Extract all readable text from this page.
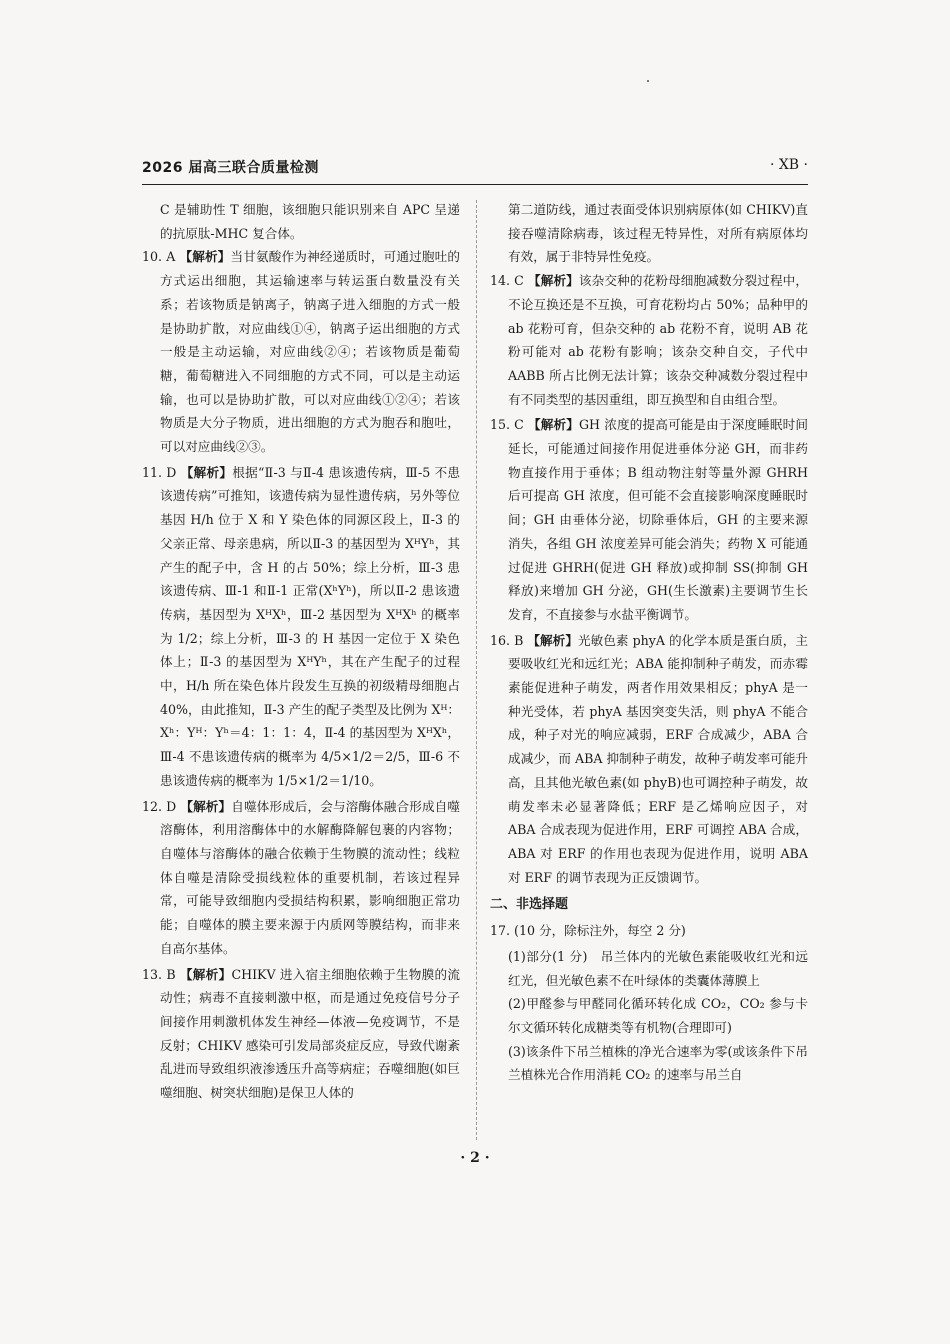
2026 届高三联合质量检测	· XB ·

C 是辅助性 T 细胞，该细胞只能识别来自 APC 呈递的抗原肽-MHC 复合体。

10. A 【解析】当甘氨酸作为神经递质时，可通过胞吐的方式运出细胞，其运输速率与转运蛋白数量没有关系；若该物质是钠离子，钠离子进入细胞的方式一般是协助扩散，对应曲线①④，钠离子运出细胞的方式一般是主动运输，对应曲线②④；若该物质是葡萄糖，葡萄糖进入不同细胞的方式不同，可以是主动运输，也可以是协助扩散，可以对应曲线①②④；若该物质是大分子物质，进出细胞的方式为胞吞和胞吐，可以对应曲线②③。

11. D 【解析】根据“Ⅱ-3 与Ⅱ-4 患该遗传病，Ⅲ-5 不患该遗传病”可推知，该遗传病为显性遗传病，另外等位基因 H/h 位于 X 和 Y 染色体的同源区段上，Ⅱ-3 的父亲正常、母亲患病，所以Ⅱ-3 的基因型为 XᴴYʰ，其产生的配子中，含 H 的占 50%；综上分析，Ⅲ-3 患该遗传病、Ⅲ-1 和Ⅱ-1 正常(XʰYʰ)，所以Ⅱ-2 患该遗传病，基因型为 XᴴXʰ，Ⅲ-2 基因型为 XᴴXʰ 的概率为 1/2；综上分析，Ⅲ-3 的 H 基因一定位于 X 染色体上；Ⅱ-3 的基因型为 XᴴYʰ，其在产生配子的过程中，H/h 所在染色体片段发生互换的初级精母细胞占 40%，由此推知，Ⅱ-3 产生的配子类型及比例为 Xᴴ：Xʰ：Yᴴ：Yʰ＝4：1：1：4，Ⅱ-4 的基因型为 XᴴXʰ，Ⅲ-4 不患该遗传病的概率为 4/5×1/2＝2/5，Ⅲ-6 不患该遗传病的概率为 1/5×1/2＝1/10。

12. D 【解析】自噬体形成后，会与溶酶体融合形成自噬溶酶体，利用溶酶体中的水解酶降解包裹的内容物；自噬体与溶酶体的融合依赖于生物膜的流动性；线粒体自噬是清除受损线粒体的重要机制，若该过程异常，可能导致细胞内受损结构积累，影响细胞正常功能；自噬体的膜主要来源于内质网等膜结构，而非来自高尔基体。

13. B 【解析】CHIKV 进入宿主细胞依赖于生物膜的流动性；病毒不直接刺激中枢，而是通过免疫信号分子间接作用刺激机体发生神经—体液—免疫调节，不是反射；CHIKV 感染可引发局部炎症反应，导致代谢紊乱进而导致组织液渗透压升高等病症；吞噬细胞(如巨噬细胞、树突状细胞)是保卫人体的

第二道防线，通过表面受体识别病原体(如 CHIKV)直接吞噬清除病毒，该过程无特异性，对所有病原体均有效，属于非特异性免疫。

14. C 【解析】该杂交种的花粉母细胞减数分裂过程中，不论互换还是不互换，可育花粉均占 50%；品种甲的 ab 花粉可育，但杂交种的 ab 花粉不育，说明 AB 花粉可能对 ab 花粉有影响；该杂交种自交，子代中 AABB 所占比例无法计算；该杂交种减数分裂过程中有不同类型的基因重组，即互换型和自由组合型。

15. C 【解析】GH 浓度的提高可能是由于深度睡眠时间延长，可能通过间接作用促进垂体分泌 GH，而非药物直接作用于垂体；B 组动物注射等量外源 GHRH 后可提高 GH 浓度，但可能不会直接影响深度睡眠时间；GH 由垂体分泌，切除垂体后，GH 的主要来源消失，各组 GH 浓度差异可能会消失；药物 X 可能通过促进 GHRH(促进 GH 释放)或抑制 SS(抑制 GH 释放)来增加 GH 分泌，GH(生长激素)主要调节生长发育，不直接参与水盐平衡调节。

16. B 【解析】光敏色素 phyA 的化学本质是蛋白质，主要吸收红光和远红光；ABA 能抑制种子萌发，而赤霉素能促进种子萌发，两者作用效果相反；phyA 是一种光受体，若 phyA 基因突变失活，则 phyA 不能合成，种子对光的响应减弱，ERF 合成减少，ABA 合成减少，而 ABA 抑制种子萌发，故种子萌发率可能升高，且其他光敏色素(如 phyB)也可调控种子萌发，故萌发率未必显著降低；ERF 是乙烯响应因子，对 ABA 合成表现为促进作用，ERF 可调控 ABA 合成，ABA 对 ERF 的作用也表现为促进作用，说明 ABA 对 ERF 的调节表现为正反馈调节。

二、非选择题

17. (10 分，除标注外，每空 2 分)

(1)部分(1 分)　吊兰体内的光敏色素能吸收红光和远红光，但光敏色素不在叶绿体的类囊体薄膜上

(2)甲醛参与甲醛同化循环转化成 CO₂，CO₂ 参与卡尔文循环转化成糖类等有机物(合理即可)

(3)该条件下吊兰植株的净光合速率为零(或该条件下吊兰植株光合作用消耗 CO₂ 的速率与吊兰自

· 2 ·
